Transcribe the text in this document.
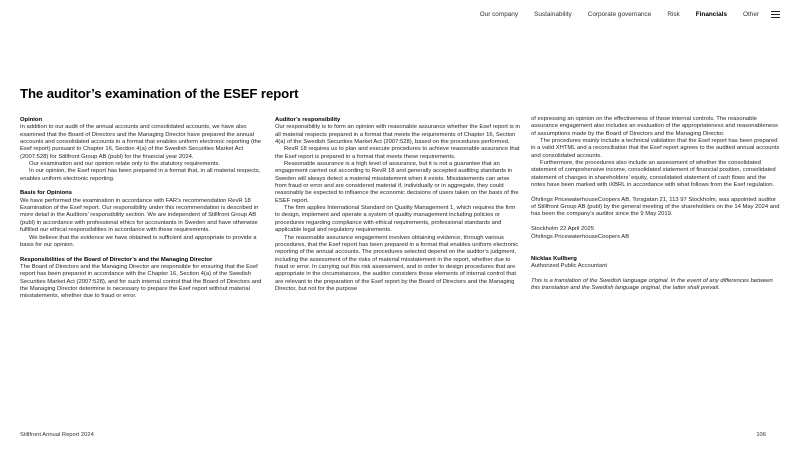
Our company	Sustainability	Corporate governance	Risk	Financials	Other
The auditor’s examination of the ESEF report
Opinion

In addition to our audit of the annual accounts and consolidated accounts, we have also examined that the Board of Directors and the Managing Director have prepared the annual accounts and consolidated accounts in a format that enables uniform electronic reporting (the Esef report) pursuant to Chapter 16, Section 4(a) of the Swedish Securities Market Act (2007:528) for Stillfront Group AB (publ) for the financial year 2024.

Our examination and our opinion relate only to the statutory requirements.

In our opinion, the Esef report has been prepared in a format that, in all material respects, enables uniform electronic reporting.

Basis for Opinions

We have performed the examination in accordance with FAR’s recommendation RevR 18 Examination of the Esef report. Our responsibility under this recommendation is described in more detail in the Auditors’ responsibility section. We are independent of Stillfront Group AB (publ) in accordance with professional ethics for accountants in Sweden and have otherwise fulfilled our ethical responsibilities in accordance with these requirements.

We believe that the evidence we have obtained is sufficient and appropriate to provide a basis for our opinion.

Responsibilities of the Board of Director’s and the Managing Director

The Board of Directors and the Managing Director are responsible for ensuring that the Esef report has been prepared in accordance with the Chapter 16, Section 4(a) of the Swedish Securities Market Act (2007:528), and for such internal control that the Board of Directors and the Managing Director determine is necessary to prepare the Esef report without material misstatements, whether due to fraud or error.

Auditor’s responsibility

Our responsibility is to form an opinion with reasonable assurance whether the Esef report is in all material respects prepared in a format that meets the requirements of Chapter 16, Section 4(a) of the Swedish Securities Market Act (2007:528), based on the procedures performed.

RevR 18 requires us to plan and execute procedures to achieve reasonable assurance that the Esef report is prepared in a format that meets these requirements.

Reasonable assurance is a high level of assurance, but it is not a guarantee that an engagement carried out according to RevR 18 and generally accepted auditing standards in Sweden will always detect a material misstatement when it exists. Misstatements can arise from fraud or error and are considered material if, individually or in aggregate, they could reasonably be expected to influence the economic decisions of users taken on the basis of the ESEF report.

The firm applies International Standard on Quality Management 1, which requires the firm to design, implement and operate a system of quality management including policies or procedures regarding compliance with ethical requirements, professional standards and applicable legal and regulatory requirements.

The reasonable assurance engagement involves obtaining evidence, through various procedures, that the Esef report has been prepared in a format that enables uniform electronic reporting of the annual accounts. The procedures selected depend on the auditor’s judgment, including the assessment of the risks of material misstatement in the report, whether due to fraud or error. In carrying out this risk assessment, and in order to design procedures that are appropriate in the circumstances, the auditor considers those elements of internal control that are relevant to the preparation of the Esef report by the Board of Directors and the Managing Director, but not for the purpose

of expressing an opinion on the effectiveness of those internal controls. The reasonable assurance engagement also includes an evaluation of the appropriateness and reasonableness of assumptions made by the Board of Directors and the Managing Director.

The procedures mainly include a technical validation that the Esef report has been prepared in a valid XHTML and a reconciliation that the Esef report agrees to the audited annual accounts and consolidated accounts.

Furthermore, the procedures also include an assessment of whether the consolidated statement of comprehensive income, consolidated statement of financial position, consolidated statement of changes in shareholders’ equity, consolidated statement of cash flows and the notes have been marked with iXBRL in accordance with what follows from the Esef regulation.

Öhrlings PricewaterhouseCoopers AB, Torsgatan 21, 113 97 Stockholm, was appointed auditor of Stillfront Group AB (publ) by the general meeting of the shareholders on the 14 May 2024 and has been the company’s auditor since the 9 May 2019.

Stockholm 22 April 2025

Öhrlings PricewaterhouseCoopers AB

Nicklas Kullberg

Authorized Public Accountant

This is a translation of the Swedish language original. In the event of any differences between this translation and the Swedish language original, the latter shall prevail.

Stillfront Annual Report 2024	106
